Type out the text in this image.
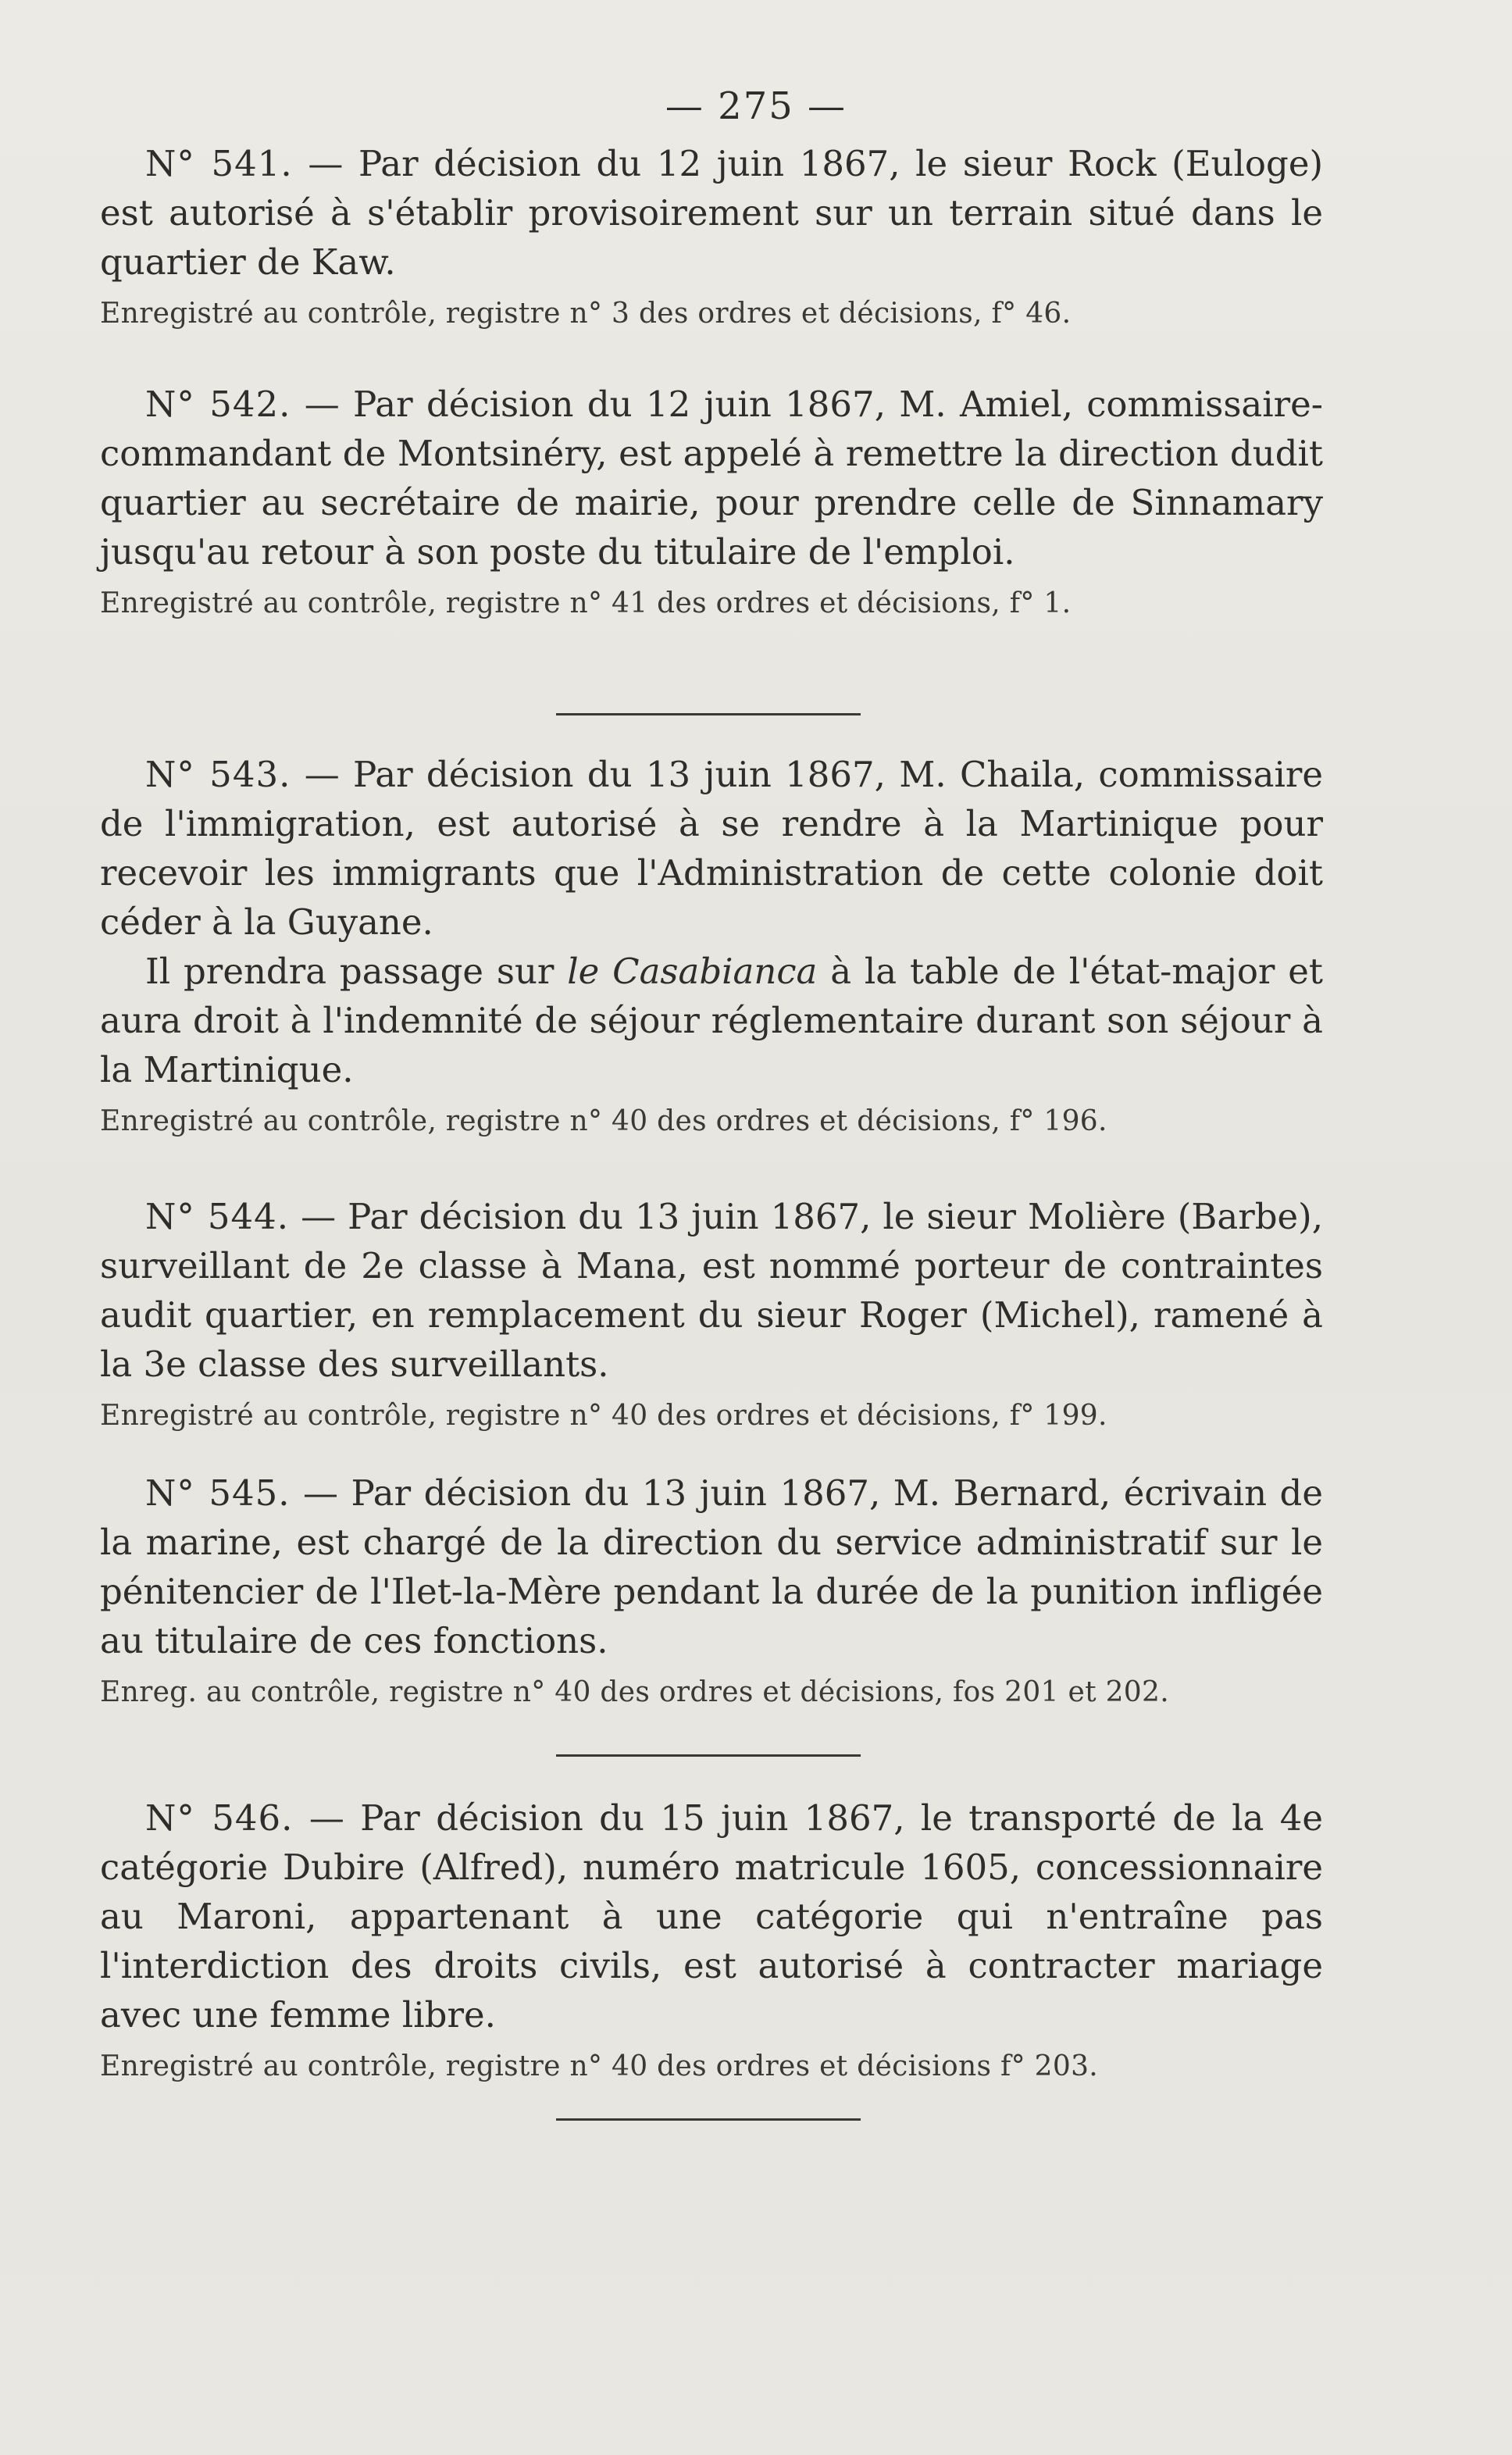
— 275 —

N° 541. — Par décision du 12 juin 1867, le sieur Rock (Euloge) est autorisé à s'établir provisoirement sur un terrain situé dans le quartier de Kaw.

Enregistré au contrôle, registre n° 3 des ordres et décisions, f° 46.

N° 542. — Par décision du 12 juin 1867, M. Amiel, commissaire-commandant de Montsinéry, est appelé à remettre la direction dudit quartier au secrétaire de mairie, pour prendre celle de Sinnamary jusqu'au retour à son poste du titulaire de l'emploi.

Enregistré au contrôle, registre n° 41 des ordres et décisions, f° 1.

N° 543. — Par décision du 13 juin 1867, M. Chaila, commissaire de l'immigration, est autorisé à se rendre à la Martinique pour recevoir les immigrants que l'Administration de cette colonie doit céder à la Guyane.

Il prendra passage sur le Casabianca à la table de l'état-major et aura droit à l'indemnité de séjour réglementaire durant son séjour à la Martinique.

Enregistré au contrôle, registre n° 40 des ordres et décisions, f° 196.

N° 544. — Par décision du 13 juin 1867, le sieur Molière (Barbe), surveillant de 2e classe à Mana, est nommé porteur de contraintes audit quartier, en remplacement du sieur Roger (Michel), ramené à la 3e classe des surveillants.

Enregistré au contrôle, registre n° 40 des ordres et décisions, f° 199.

N° 545. — Par décision du 13 juin 1867, M. Bernard, écrivain de la marine, est chargé de la direction du service administratif sur le pénitencier de l'Ilet-la-Mère pendant la durée de la punition infligée au titulaire de ces fonctions.

Enreg. au contrôle, registre n° 40 des ordres et décisions, fos 201 et 202.

N° 546. — Par décision du 15 juin 1867, le transporté de la 4e catégorie Dubire (Alfred), numéro matricule 1605, concessionnaire au Maroni, appartenant à une catégorie qui n'entraîne pas l'interdiction des droits civils, est autorisé à contracter mariage avec une femme libre.

Enregistré au contrôle, registre n° 40 des ordres et décisions f° 203.
